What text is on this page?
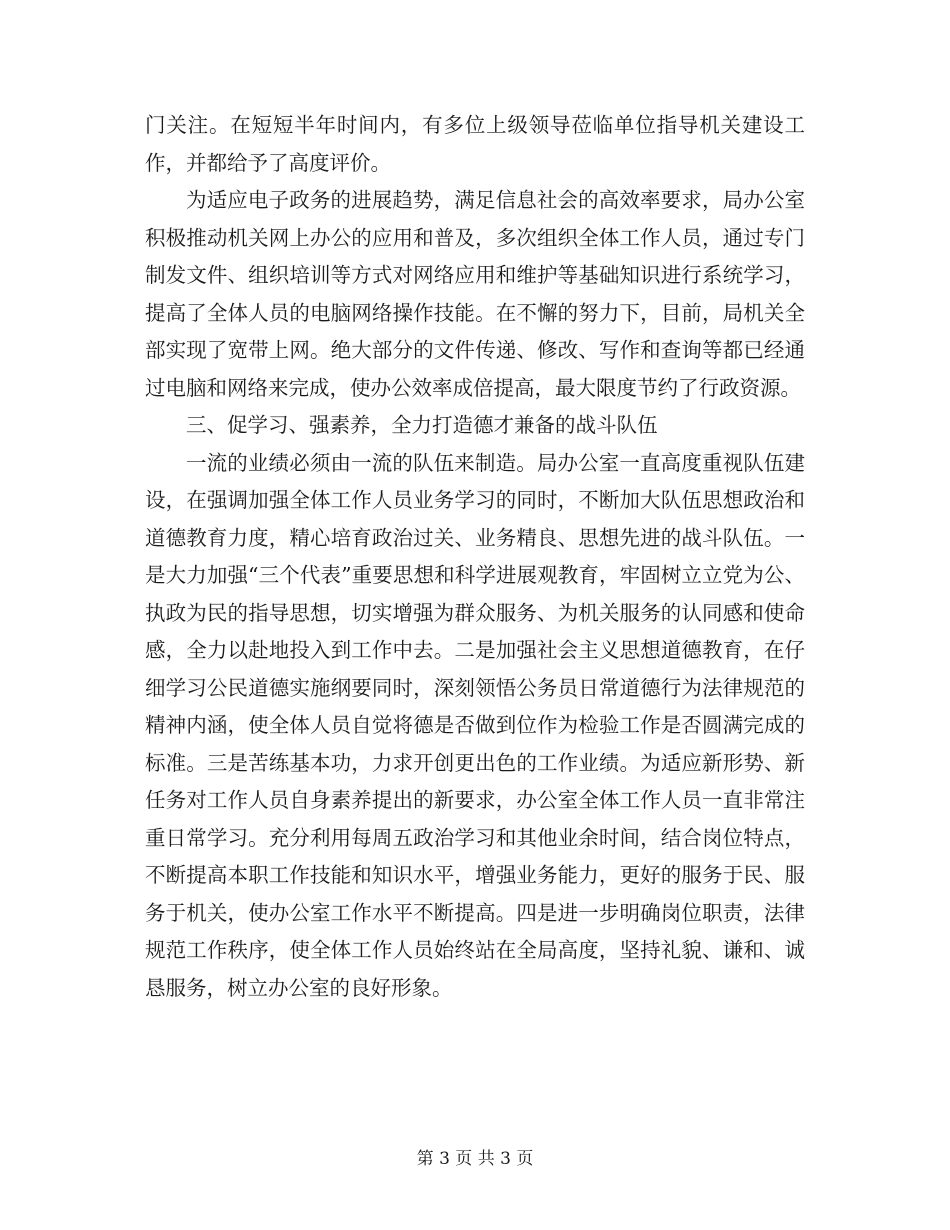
门关注。在短短半年时间内，有多位上级领导莅临单位指导机关建设工作，并都给予了高度评价。

为适应电子政务的进展趋势，满足信息社会的高效率要求，局办公室积极推动机关网上办公的应用和普及，多次组织全体工作人员，通过专门制发文件、组织培训等方式对网络应用和维护等基础知识进行系统学习，提高了全体人员的电脑网络操作技能。在不懈的努力下，目前，局机关全部实现了宽带上网。绝大部分的文件传递、修改、写作和查询等都已经通过电脑和网络来完成，使办公效率成倍提高，最大限度节约了行政资源。

三、促学习、强素养，全力打造德才兼备的战斗队伍

一流的业绩必须由一流的队伍来制造。局办公室一直高度重视队伍建设，在强调加强全体工作人员业务学习的同时，不断加大队伍思想政治和道德教育力度，精心培育政治过关、业务精良、思想先进的战斗队伍。一是大力加强“三个代表”重要思想和科学进展观教育，牢固树立立党为公、执政为民的指导思想，切实增强为群众服务、为机关服务的认同感和使命感，全力以赴地投入到工作中去。二是加强社会主义思想道德教育，在仔细学习公民道德实施纲要同时，深刻领悟公务员日常道德行为法律规范的精神内涵，使全体人员自觉将德是否做到位作为检验工作是否圆满完成的标准。三是苦练基本功，力求开创更出色的工作业绩。为适应新形势、新任务对工作人员自身素养提出的新要求，办公室全体工作人员一直非常注重日常学习。充分利用每周五政治学习和其他业余时间，结合岗位特点，不断提高本职工作技能和知识水平，增强业务能力，更好的服务于民、服务于机关，使办公室工作水平不断提高。四是进一步明确岗位职责，法律规范工作秩序，使全体工作人员始终站在全局高度，坚持礼貌、谦和、诚恳服务，树立办公室的良好形象。

第 3 页 共 3 页
